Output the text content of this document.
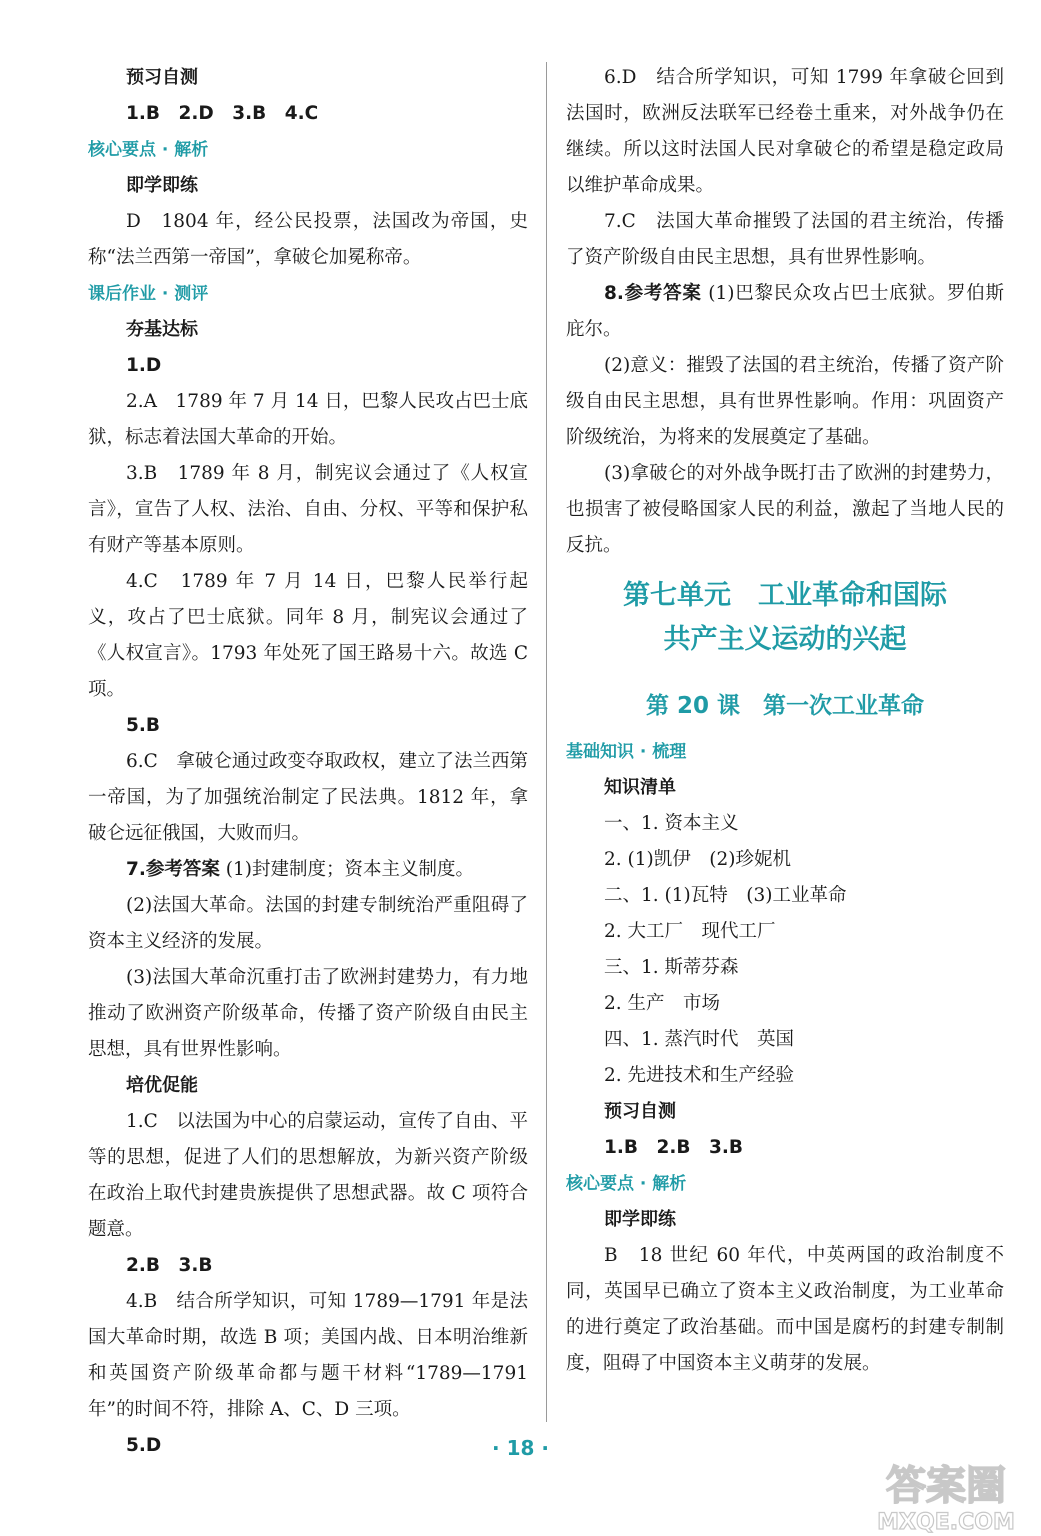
预习自测
1.B　2.D　3.B　4.C
核心要点 · 解析
即学即练
D　1804 年，经公民投票，法国改为帝国，史称“法兰西第一帝国”，拿破仑加冕称帝。
课后作业 · 测评
夯基达标
1.D
2.A　1789 年 7 月 14 日，巴黎人民攻占巴士底狱，标志着法国大革命的开始。
3.B　1789 年 8 月，制宪议会通过了《人权宣言》，宣告了人权、法治、自由、分权、平等和保护私有财产等基本原则。
4.C　1789 年 7 月 14 日，巴黎人民举行起义，攻占了巴士底狱。同年 8 月，制宪议会通过了《人权宣言》。1793 年处死了国王路易十六。故选 C 项。
5.B
6.C　拿破仑通过政变夺取政权，建立了法兰西第一帝国，为了加强统治制定了民法典。1812 年，拿破仑远征俄国，大败而归。
7.参考答案 (1)封建制度；资本主义制度。
(2)法国大革命。法国的封建专制统治严重阻碍了资本主义经济的发展。
(3)法国大革命沉重打击了欧洲封建势力，有力地推动了欧洲资产阶级革命，传播了资产阶级自由民主思想，具有世界性影响。
培优促能
1.C　以法国为中心的启蒙运动，宣传了自由、平等的思想，促进了人们的思想解放，为新兴资产阶级在政治上取代封建贵族提供了思想武器。故 C 项符合题意。
2.B　3.B
4.B　结合所学知识，可知 1789—1791 年是法国大革命时期，故选 B 项；美国内战、日本明治维新和英国资产阶级革命都与题干材料“1789—1791 年”的时间不符，排除 A、C、D 三项。
5.D
6.D　结合所学知识，可知 1799 年拿破仑回到法国时，欧洲反法联军已经卷土重来，对外战争仍在继续。所以这时法国人民对拿破仑的希望是稳定政局以维护革命成果。
7.C　法国大革命摧毁了法国的君主统治，传播了资产阶级自由民主思想，具有世界性影响。
8.参考答案 (1)巴黎民众攻占巴士底狱。罗伯斯庇尔。
(2)意义：摧毁了法国的君主统治，传播了资产阶级自由民主思想，具有世界性影响。作用：巩固资产阶级统治，为将来的发展奠定了基础。
(3)拿破仑的对外战争既打击了欧洲的封建势力，也损害了被侵略国家人民的利益，激起了当地人民的反抗。
第七单元　工业革命和国际
共产主义运动的兴起
第 20 课　第一次工业革命
基础知识 · 梳理
知识清单
一、1. 资本主义
2. (1)凯伊　(2)珍妮机
二、1. (1)瓦特　(3)工业革命
2. 大工厂　现代工厂
三、1. 斯蒂芬森
2. 生产　市场
四、1. 蒸汽时代　英国
2. 先进技术和生产经验
预习自测
1.B　2.B　3.B
核心要点 · 解析
即学即练
B　18 世纪 60 年代，中英两国的政治制度不同，英国早已确立了资本主义政治制度，为工业革命的进行奠定了政治基础。而中国是腐朽的封建专制制度，阻碍了中国资本主义萌芽的发展。
· 18 ·
答案圈
MXQE.COM
